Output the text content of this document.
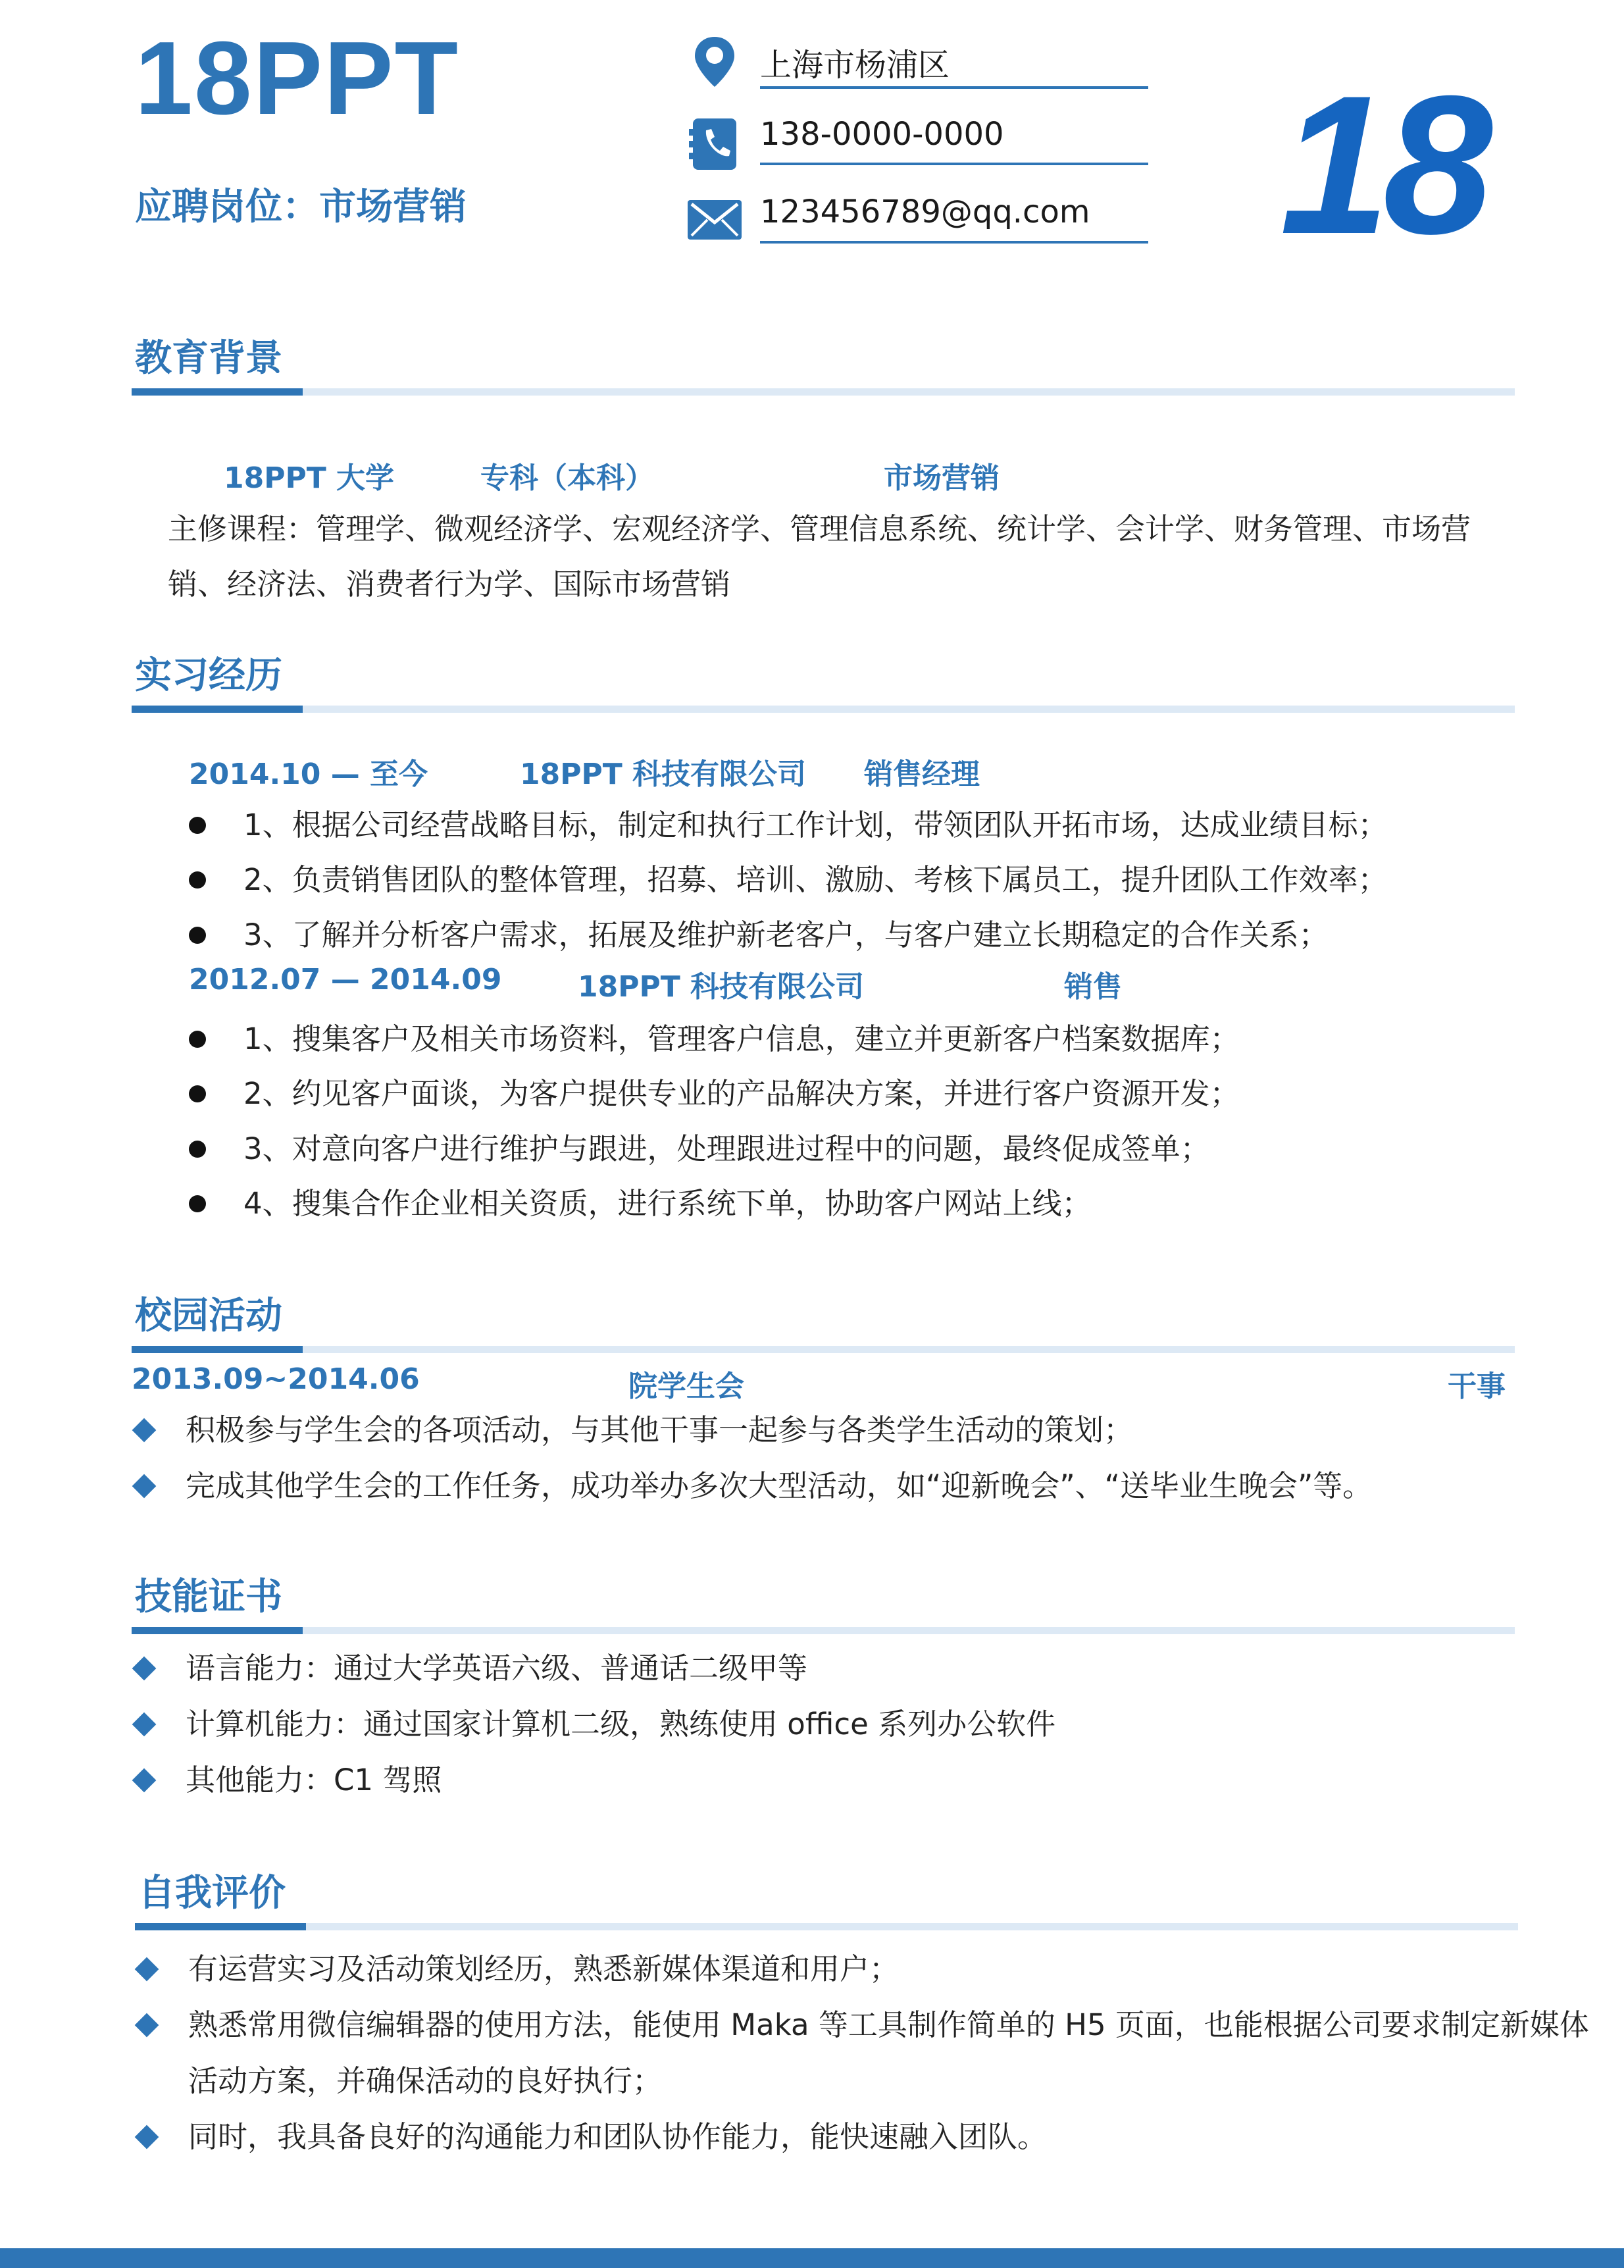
18PPT
应聘岗位：市场营销
上海市杨浦区
138-0000-0000
123456789@qq.com 18
教育背景
18PPT 大学	专科（本科）	市场营销
主修课程：管理学、微观经济学、宏观经济学、管理信息系统、统计学、会计学、财务管理、市场营
销、经济法、消费者行为学、国际市场营销
实习经历
2014.10 — 至今	18PPT 科技有限公司 销售经理
1、根据公司经营战略目标，制定和执行工作计划，带领团队开拓市场，达成业绩目标；
2、负责销售团队的整体管理，招募、培训、激励、考核下属员工，提升团队工作效率；
3、了解并分析客户需求，拓展及维护新老客户，与客户建立长期稳定的合作关系；
2012.07 — 2014.09	18PPT 科技有限公司	销售
1、搜集客户及相关市场资料，管理客户信息，建立并更新客户档案数据库；
2、约见客户面谈，为客户提供专业的产品解决方案，并进行客户资源开发；
3、对意向客户进行维护与跟进，处理跟进过程中的问题，最终促成签单；
4、搜集合作企业相关资质，进行系统下单，协助客户网站上线；
校园活动
2013.09~2014.06	院学生会	干事
积极参与学生会的各项活动，与其他干事一起参与各类学生活动的策划；
完成其他学生会的工作任务，成功举办多次大型活动，如“迎新晚会”、“送毕业生晚会”等。
技能证书
语言能力：通过大学英语六级、普通话二级甲等
计算机能力：通过国家计算机二级，熟练使用 office 系列办公软件
其他能力：C1 驾照
自我评价
有运营实习及活动策划经历，熟悉新媒体渠道和用户；
熟悉常用微信编辑器的使用方法，能使用 Maka 等工具制作简单的 H5 页面，也能根据公司要求制定新媒体
活动方案，并确保活动的良好执行；
同时，我具备良好的沟通能力和团队协作能力，能快速融入团队。
